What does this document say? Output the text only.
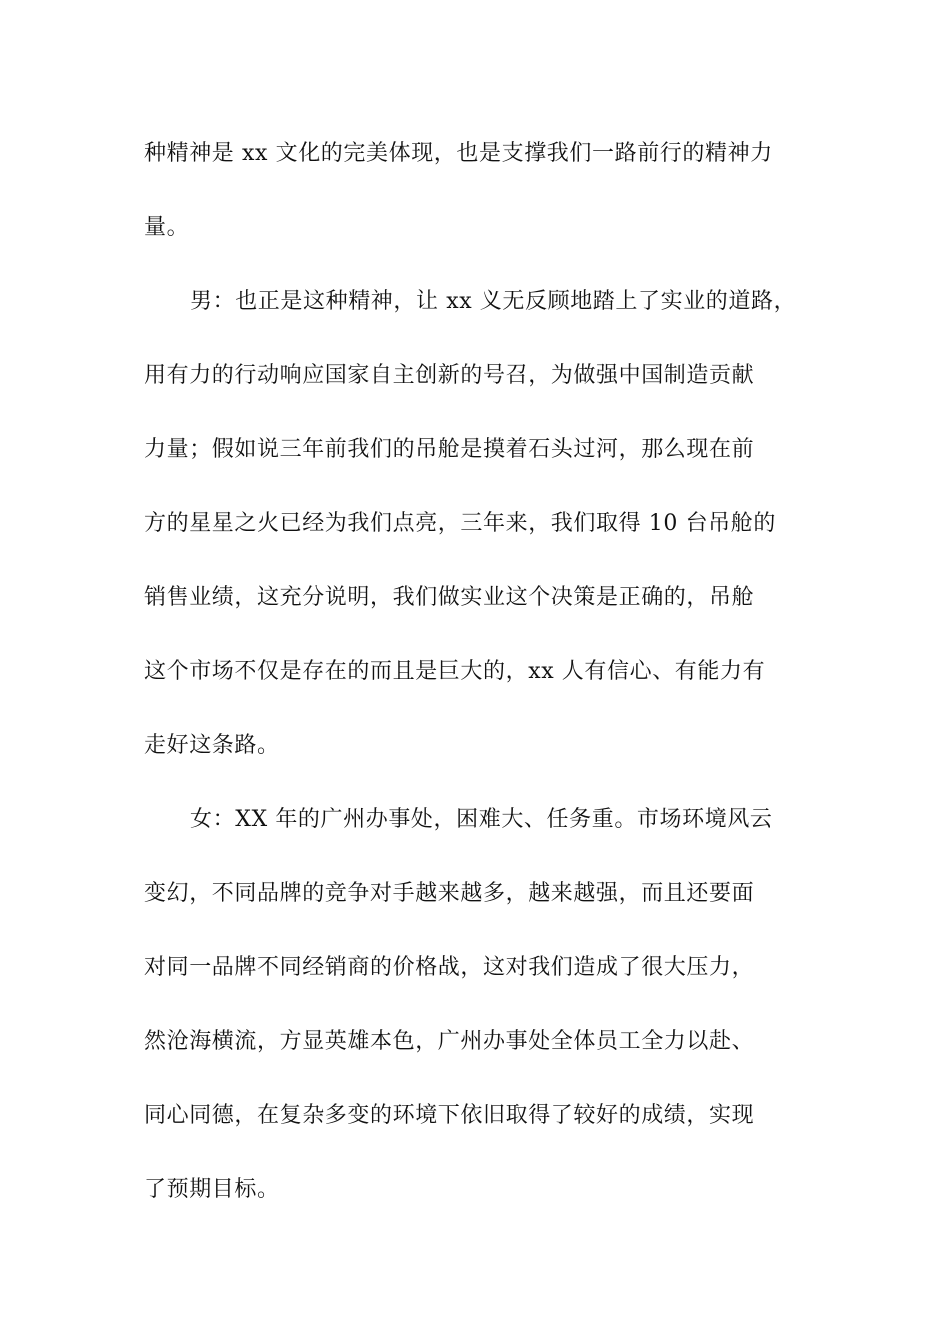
种精神是 xx 文化的完美体现，也是支撑我们一路前行的精神力
量。
男：也正是这种精神，让 xx 义无反顾地踏上了实业的道路，
用有力的行动响应国家自主创新的号召，为做强中国制造贡献
力量；假如说三年前我们的吊舱是摸着石头过河，那么现在前
方的星星之火已经为我们点亮，三年来，我们取得 10 台吊舱的
销售业绩，这充分说明，我们做实业这个决策是正确的，吊舱
这个市场不仅是存在的而且是巨大的，xx 人有信心、有能力有
走好这条路。
女：XX 年的广州办事处，困难大、任务重。市场环境风云
变幻，不同品牌的竞争对手越来越多，越来越强，而且还要面
对同一品牌不同经销商的价格战，这对我们造成了很大压力，
然沧海横流，方显英雄本色，广州办事处全体员工全力以赴、
同心同德，在复杂多变的环境下依旧取得了较好的成绩，实现
了预期目标。
